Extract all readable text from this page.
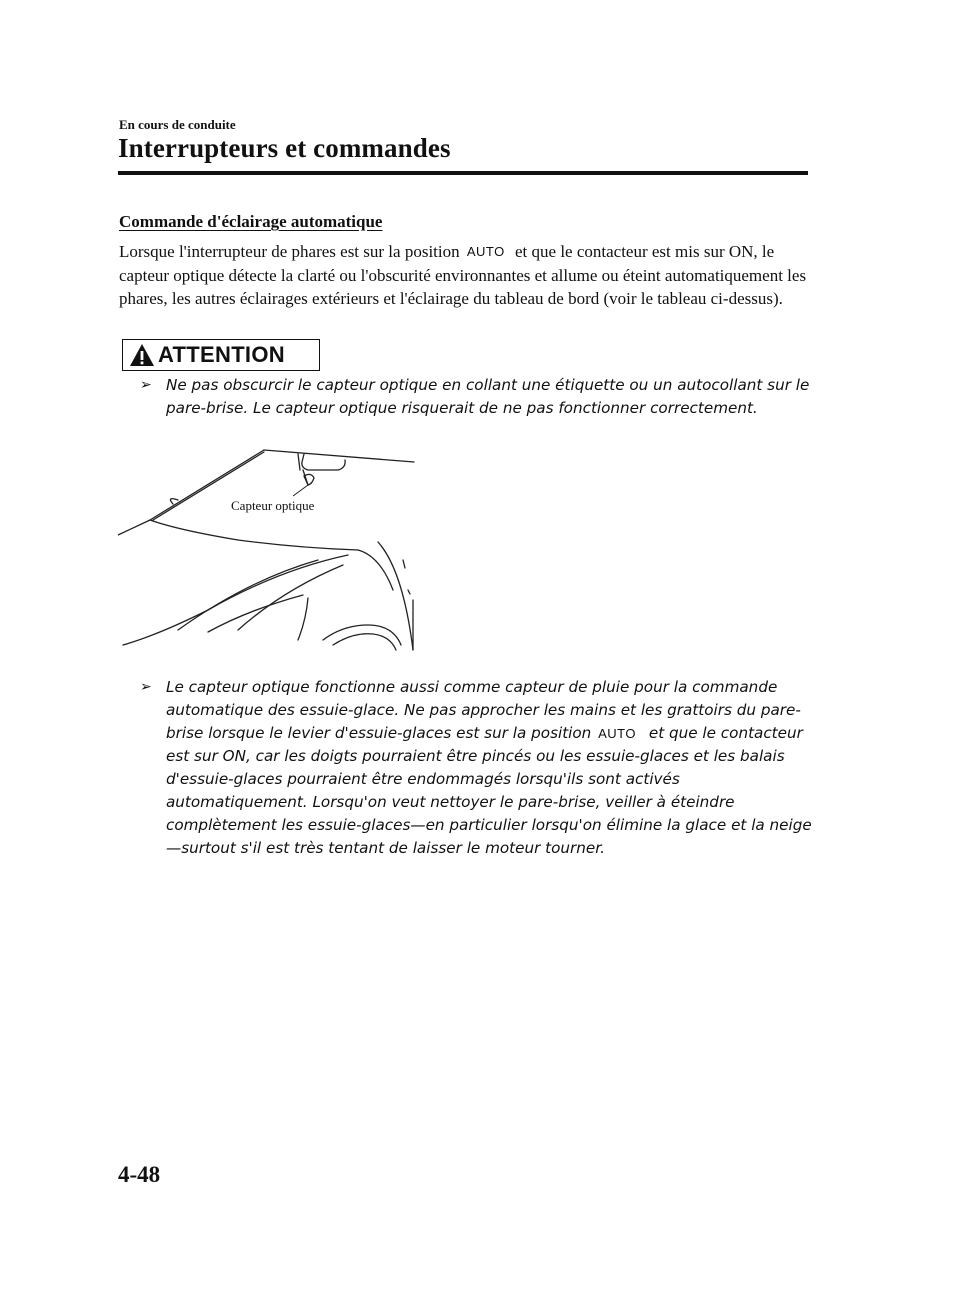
En cours de conduite
Interrupteurs et commandes
Commande d'éclairage automatique

Lorsque l'interrupteur de phares est sur la position AUTO et que le contacteur est mis sur ON, le capteur optique détecte la clarté ou l'obscurité environnantes et allume ou éteint automatiquement les phares, les autres éclairages extérieurs et l'éclairage du tableau de bord (voir le tableau ci-dessus).

ATTENTION
➢ Ne pas obscurcir le capteur optique en collant une étiquette ou un autocollant sur le pare-brise. Le capteur optique risquerait de ne pas fonctionner correctement.
Capteur optique
➢ Le capteur optique fonctionne aussi comme capteur de pluie pour la commande automatique des essuie-glace. Ne pas approcher les mains et les grattoirs du pare-brise lorsque le levier d'essuie-glaces est sur la position AUTO et que le contacteur est sur ON, car les doigts pourraient être pincés ou les essuie-glaces et les balais d'essuie-glaces pourraient être endommagés lorsqu'ils sont activés automatiquement. Lorsqu'on veut nettoyer le pare-brise, veiller à éteindre complètement les essuie-glaces—en particulier lorsqu'on élimine la glace et la neige—surtout s'il est très tentant de laisser le moteur tourner.
4-48
